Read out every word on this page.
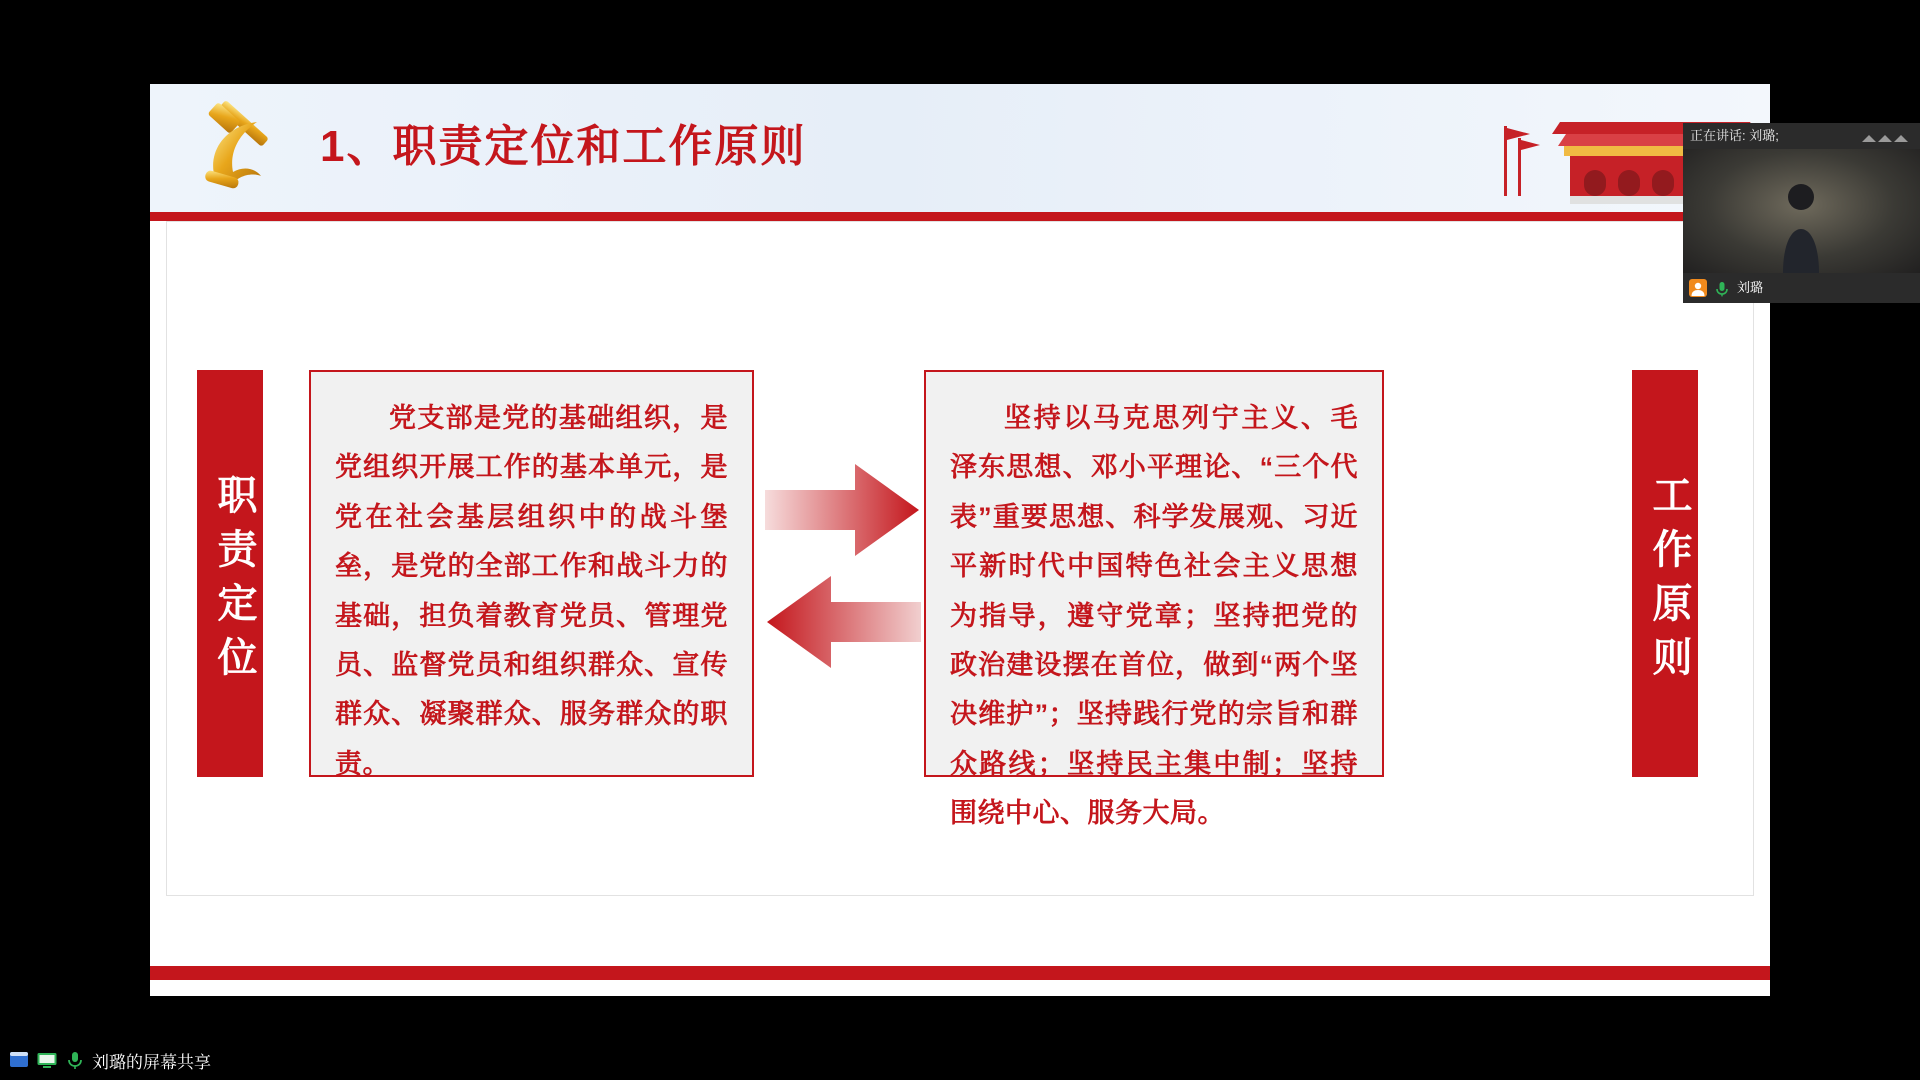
1、职责定位和工作原则
职责定位

党支部是党的基础组织，是党组织开展工作的基本单元，是党在社会基层组织中的战斗堡垒，是党的全部工作和战斗力的基础，担负着教育党员、管理党员、监督党员和组织群众、宣传群众、凝聚群众、服务群众的职责。

坚持以马克思列宁主义、毛泽东思想、邓小平理论、“三个代表”重要思想、科学发展观、习近平新时代中国特色社会主义思想为指导，遵守党章；坚持把党的政治建设摆在首位，做到“两个坚决维护”；坚持践行党的宗旨和群众路线；坚持民主集中制；坚持围绕中心、服务大局。

工作原则
正在讲话: 刘璐;
刘璐
刘璐的屏幕共享
